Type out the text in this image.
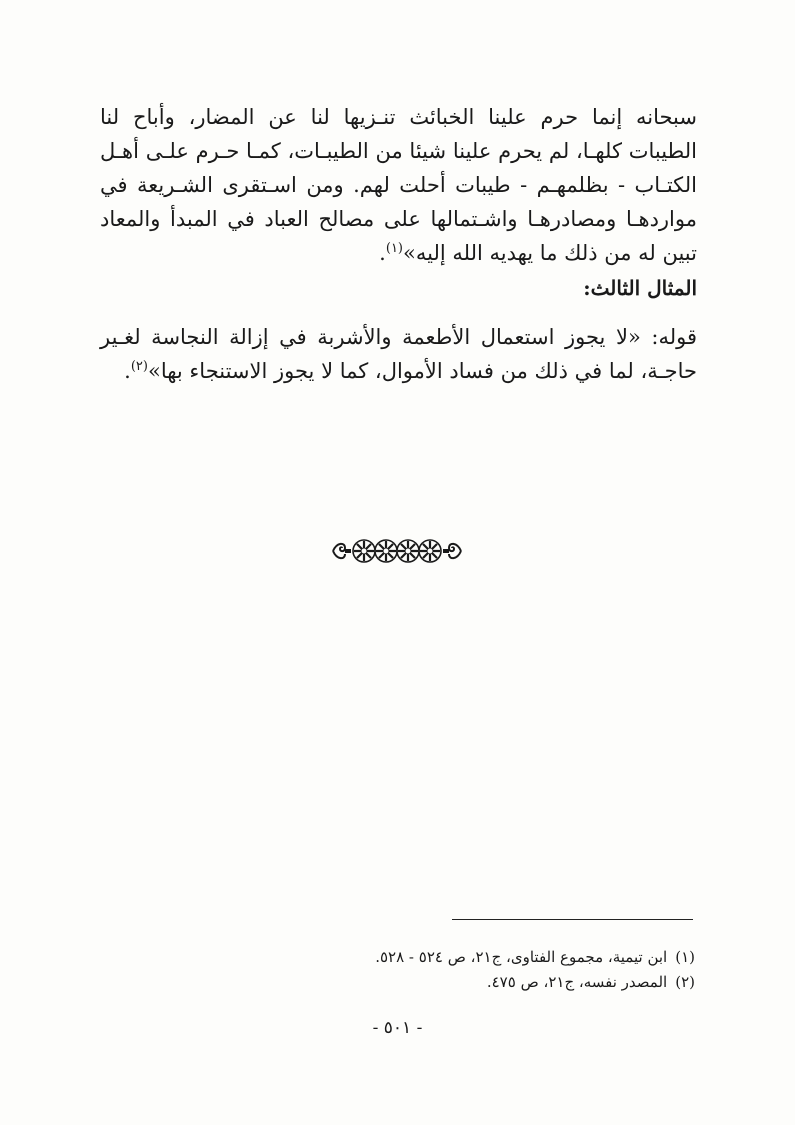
سبحانه إنما حرم علينا الخبائث تنـزيها لنا عن المضار، وأباح لنا الطيبات كلهـا، لم يحرم علينا شيئا من الطيبـات، كمـا حـرم علـى أهـل الكتـاب - بظلمهـم - طيبات أحلت لهم. ومن اسـتقرى الشـريعة في مواردهـا ومصادرهـا واشـتمالها على مصالح العباد في المبدأ والمعاد تبين له من ذلك ما يهديه الله إليه»$^{(١)}$.

المثال الثالث:

قوله: «لا يجوز استعمال الأطعمة والأشربة في إزالة النجاسة لغـير حاجـة، لما في ذلك من فساد الأموال، كما لا يجوز الاستنجاء بها»$^{(٢)}$.

(١)ابن تيمية، مجموع الفتاوى، ج٢١، ص ٥٢٤ - ٥٢٨.
(٢)المصدر نفسه، ج٢١، ص ٤٧٥.
- ٥٠١ -
